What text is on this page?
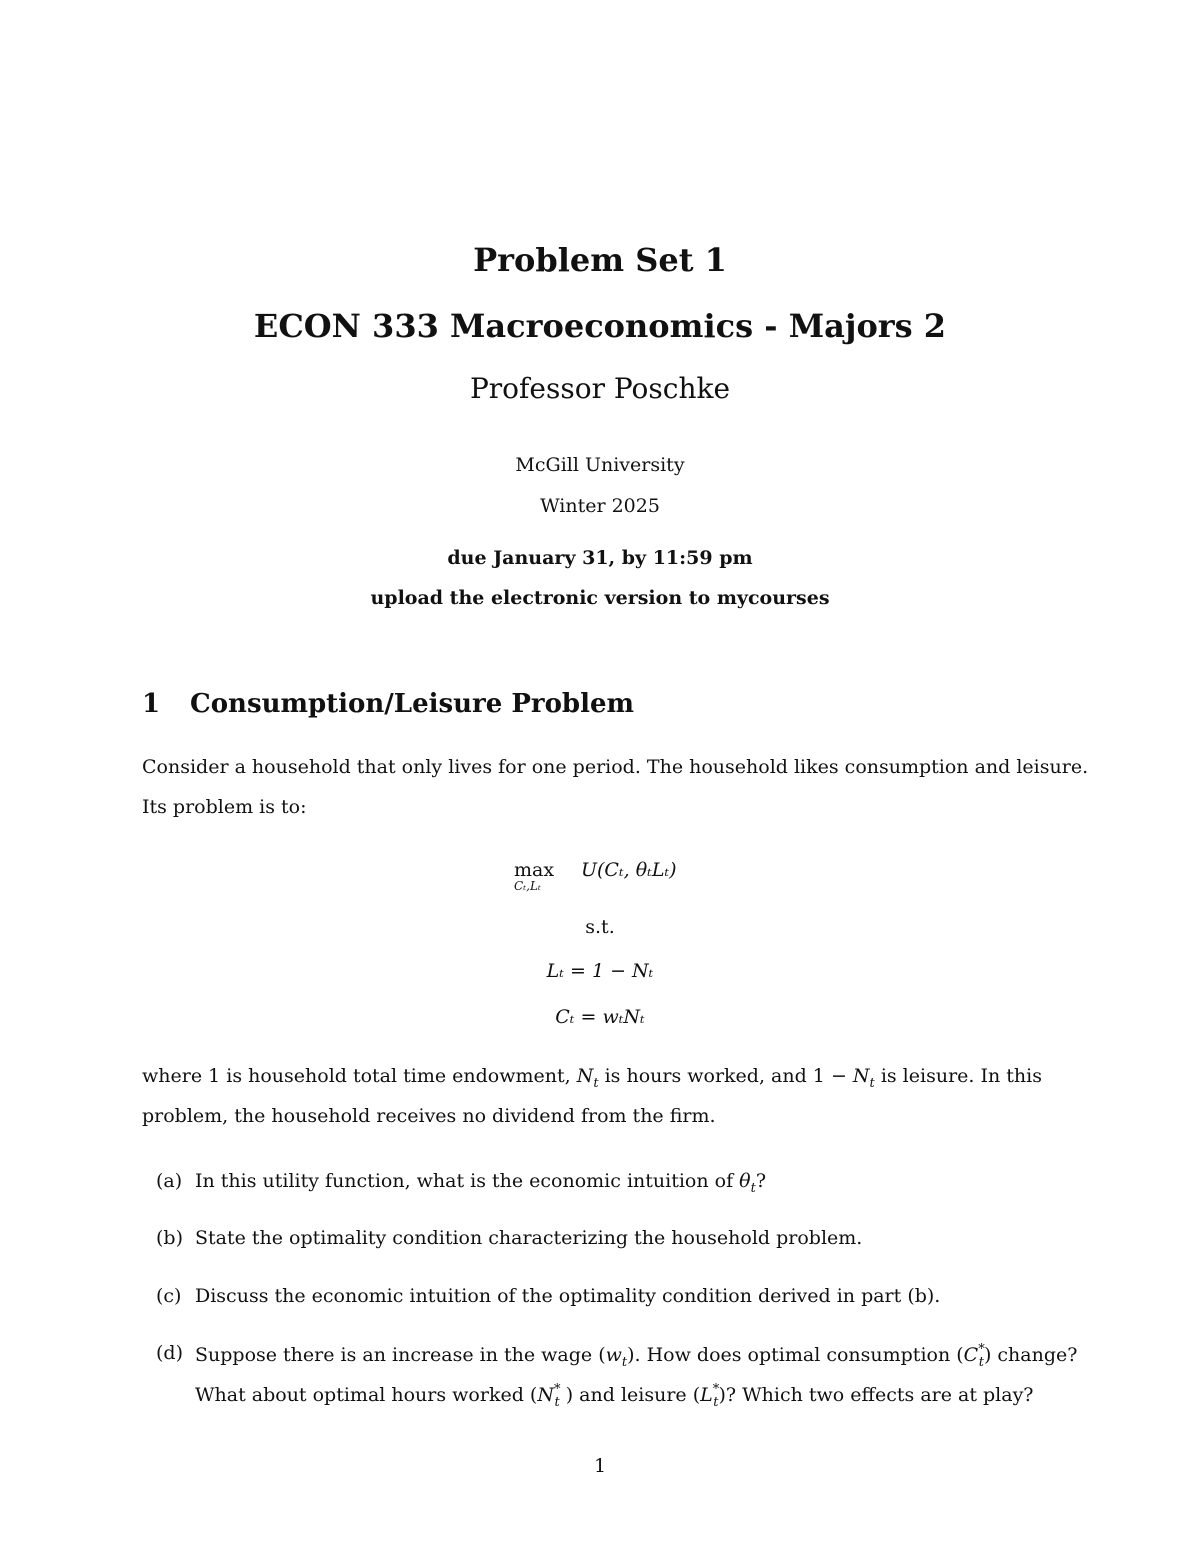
Problem Set 1
ECON 333 Macroeconomics - Majors 2
Professor Poschke
McGill University
Winter 2025
due January 31, by 11:59 pm
upload the electronic version to mycourses
1 Consumption/Leisure Problem
Consider a household that only lives for one period. The household likes consumption and leisure.
Its problem is to:
max
Cₜ,Lₜ
U(Cₜ, θₜLₜ)
s.t.
Lₜ = 1 − Nₜ
Cₜ = wₜNₜ
where 1 is household total time endowment, $N_t$ is hours worked, and $1 - N_t$ is leisure. In this
problem, the household receives no dividend from the firm.
(a) In this utility function, what is the economic intuition of $\theta_t$?
(b) State the optimality condition characterizing the household problem.
(c) Discuss the economic intuition of the optimality condition derived in part (b).
(d) Suppose there is an increase in the wage $(w_t)$. How does optimal consumption $(C^*_t)$ change?
What about optimal hours worked ($N^*_t$ ) and leisure $(L^*_t)$? Which two effects are at play?
1
